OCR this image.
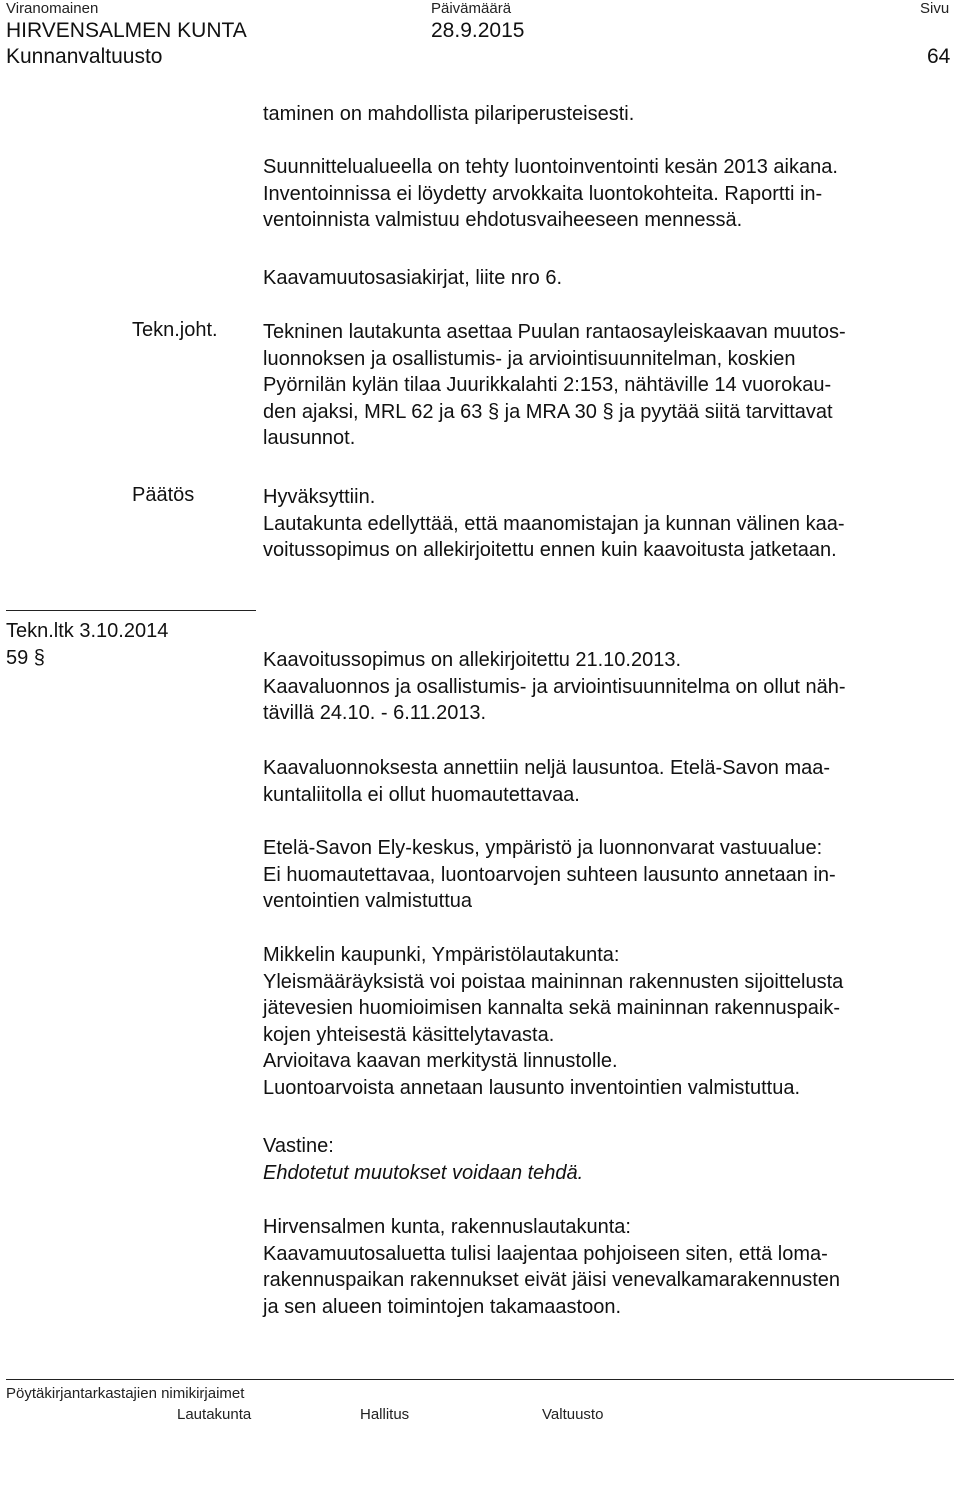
Viranomainen	Päivämäärä	Sivu
HIRVENSALMEN KUNTA	28.9.2015
Kunnanvaltuusto	64
taminen on mahdollista pilariperusteisesti.
Suunnittelualueella on tehty luontoinventointi kesän 2013 aikana.
Inventoinnissa ei löydetty arvokkaita luontokohteita. Raportti in-
ventoinnista valmistuu ehdotusvaiheeseen mennessä.
Kaavamuutosasiakirjat, liite nro 6.
Tekn.joht. Tekninen lautakunta asettaa Puulan rantaosayleiskaavan muutos-
luonnoksen ja osallistumis- ja arviointisuunnitelman, koskien
Pyörnilän kylän tilaa Juurikkalahti 2:153, nähtäville 14 vuorokau-
den ajaksi, MRL 62 ja 63 § ja MRA 30 § ja pyytää siitä tarvittavat
lausunnot.
Päätös	Hyväksyttiin.
Lautakunta edellyttää, että maanomistajan ja kunnan välinen kaa-
voitussopimus on allekirjoitettu ennen kuin kaavoitusta jatketaan.
Tekn.ltk 3.10.2014
59 §	Kaavoitussopimus on allekirjoitettu 21.10.2013.
Kaavaluonnos ja osallistumis- ja arviointisuunnitelma on ollut näh-
tävillä 24.10. - 6.11.2013.
Kaavaluonnoksesta annettiin neljä lausuntoa. Etelä-Savon maa-
kuntaliitolla ei ollut huomautettavaa.
Etelä-Savon Ely-keskus, ympäristö ja luonnonvarat vastuualue:
Ei huomautettavaa, luontoarvojen suhteen lausunto annetaan in-
ventointien valmistuttua
Mikkelin kaupunki, Ympäristölautakunta:
Yleismääräyksistä voi poistaa maininnan rakennusten sijoittelusta
jätevesien huomioimisen kannalta sekä maininnan rakennuspaik-
kojen yhteisestä käsittelytavasta.
Arvioitava kaavan merkitystä linnustolle.
Luontoarvoista annetaan lausunto inventointien valmistuttua.
Vastine:
Ehdotetut muutokset voidaan tehdä.
Hirvensalmen kunta, rakennuslautakunta:
Kaavamuutosaluetta tulisi laajentaa pohjoiseen siten, että loma-
rakennuspaikan rakennukset eivät jäisi venevalkamarakennusten
ja sen alueen toimintojen takamaastoon.
Pöytäkirjantarkastajien nimikirjaimet
Lautakunta	Hallitus	Valtuusto
